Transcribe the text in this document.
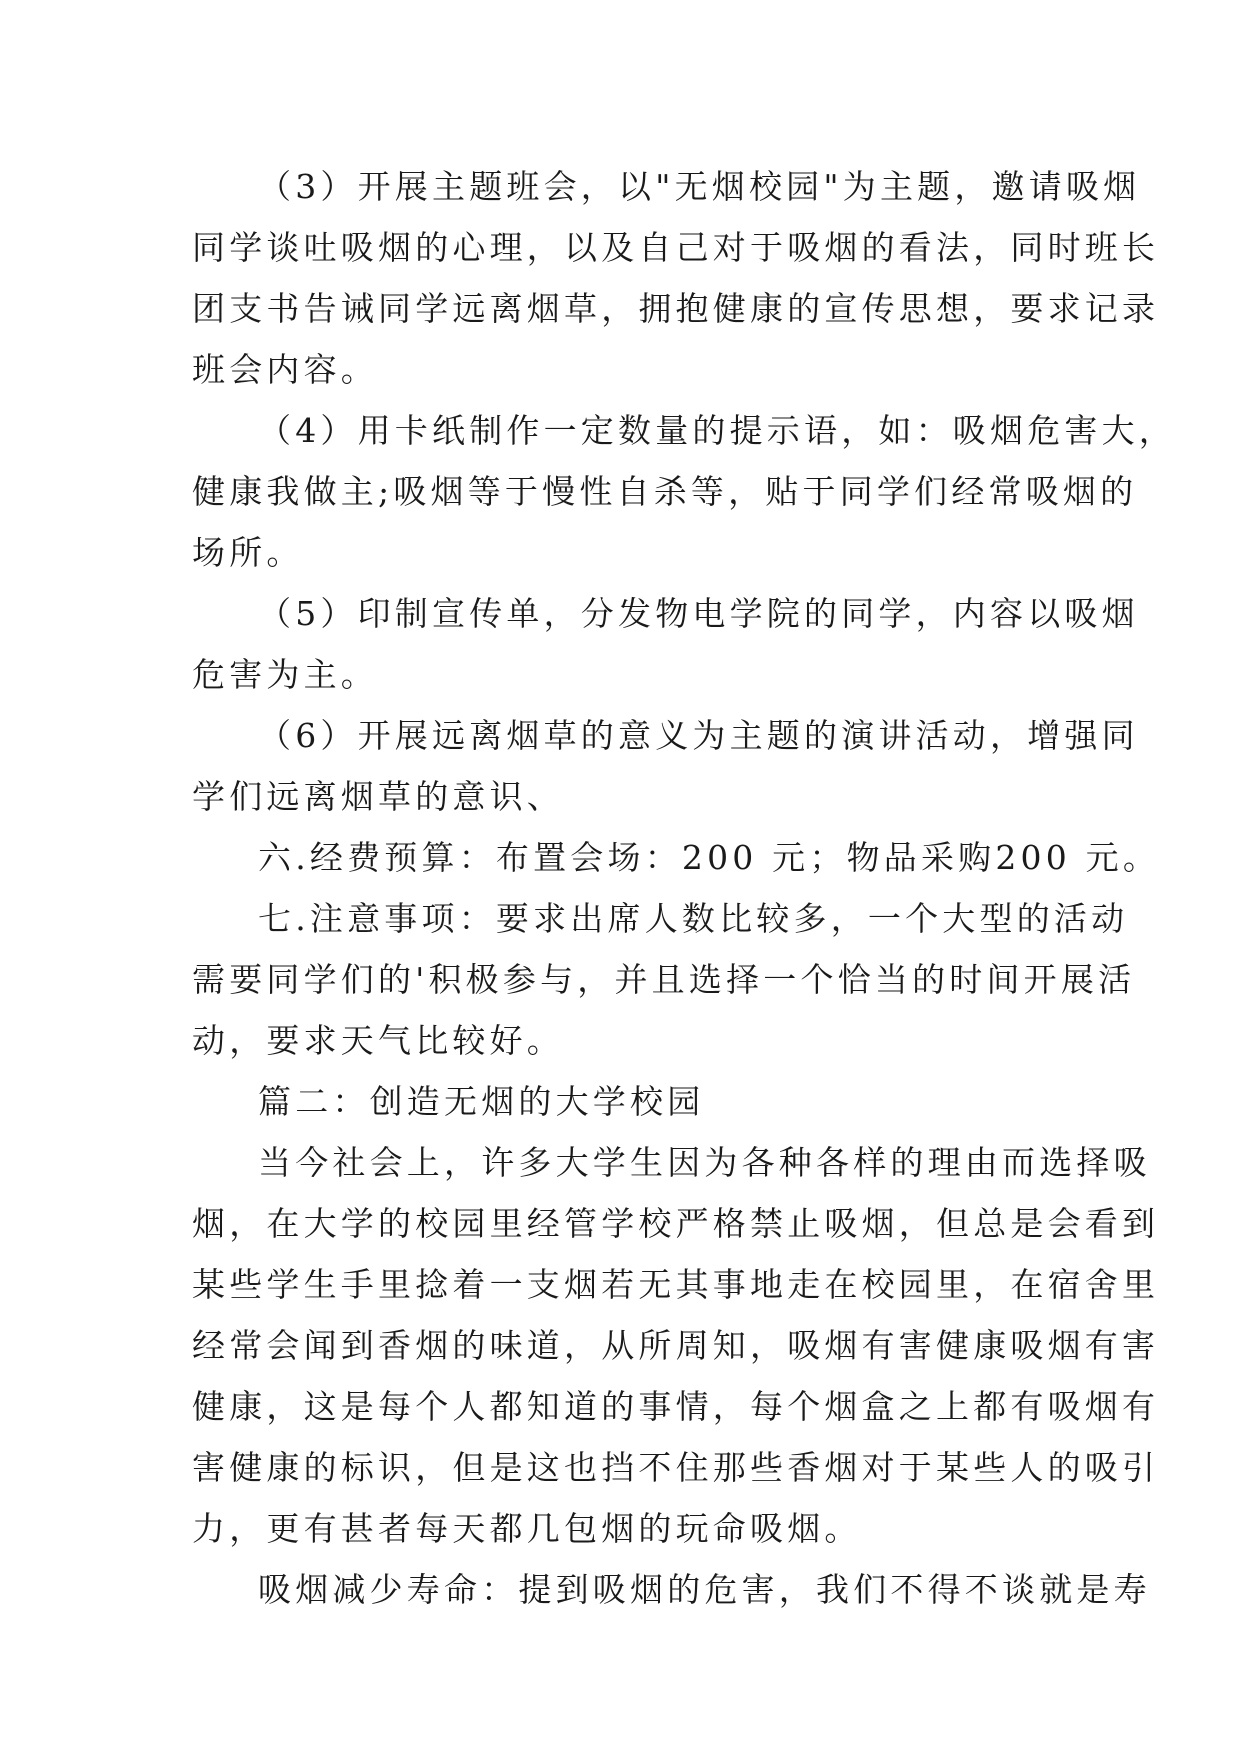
（3）开展主题班会，以"无烟校园"为主题，邀请吸烟
同学谈吐吸烟的心理，以及自己对于吸烟的看法，同时班长
团支书告诫同学远离烟草，拥抱健康的宣传思想，要求记录
班会内容。
（4）用卡纸制作一定数量的提示语，如：吸烟危害大，
健康我做主;吸烟等于慢性自杀等，贴于同学们经常吸烟的
场所。
（5）印制宣传单，分发物电学院的同学，内容以吸烟
危害为主。
（6）开展远离烟草的意义为主题的演讲活动，增强同
学们远离烟草的意识、
六.经费预算：布置会场：200 元；物品采购200 元。
七.注意事项：要求出席人数比较多，一个大型的活动
需要同学们的'积极参与，并且选择一个恰当的时间开展活
动，要求天气比较好。
篇二：创造无烟的大学校园
当今社会上，许多大学生因为各种各样的理由而选择吸
烟，在大学的校园里经管学校严格禁止吸烟，但总是会看到
某些学生手里捻着一支烟若无其事地走在校园里，在宿舍里
经常会闻到香烟的味道，从所周知，吸烟有害健康吸烟有害
健康，这是每个人都知道的事情，每个烟盒之上都有吸烟有
害健康的标识，但是这也挡不住那些香烟对于某些人的吸引
力，更有甚者每天都几包烟的玩命吸烟。
吸烟减少寿命：提到吸烟的危害，我们不得不谈就是寿
